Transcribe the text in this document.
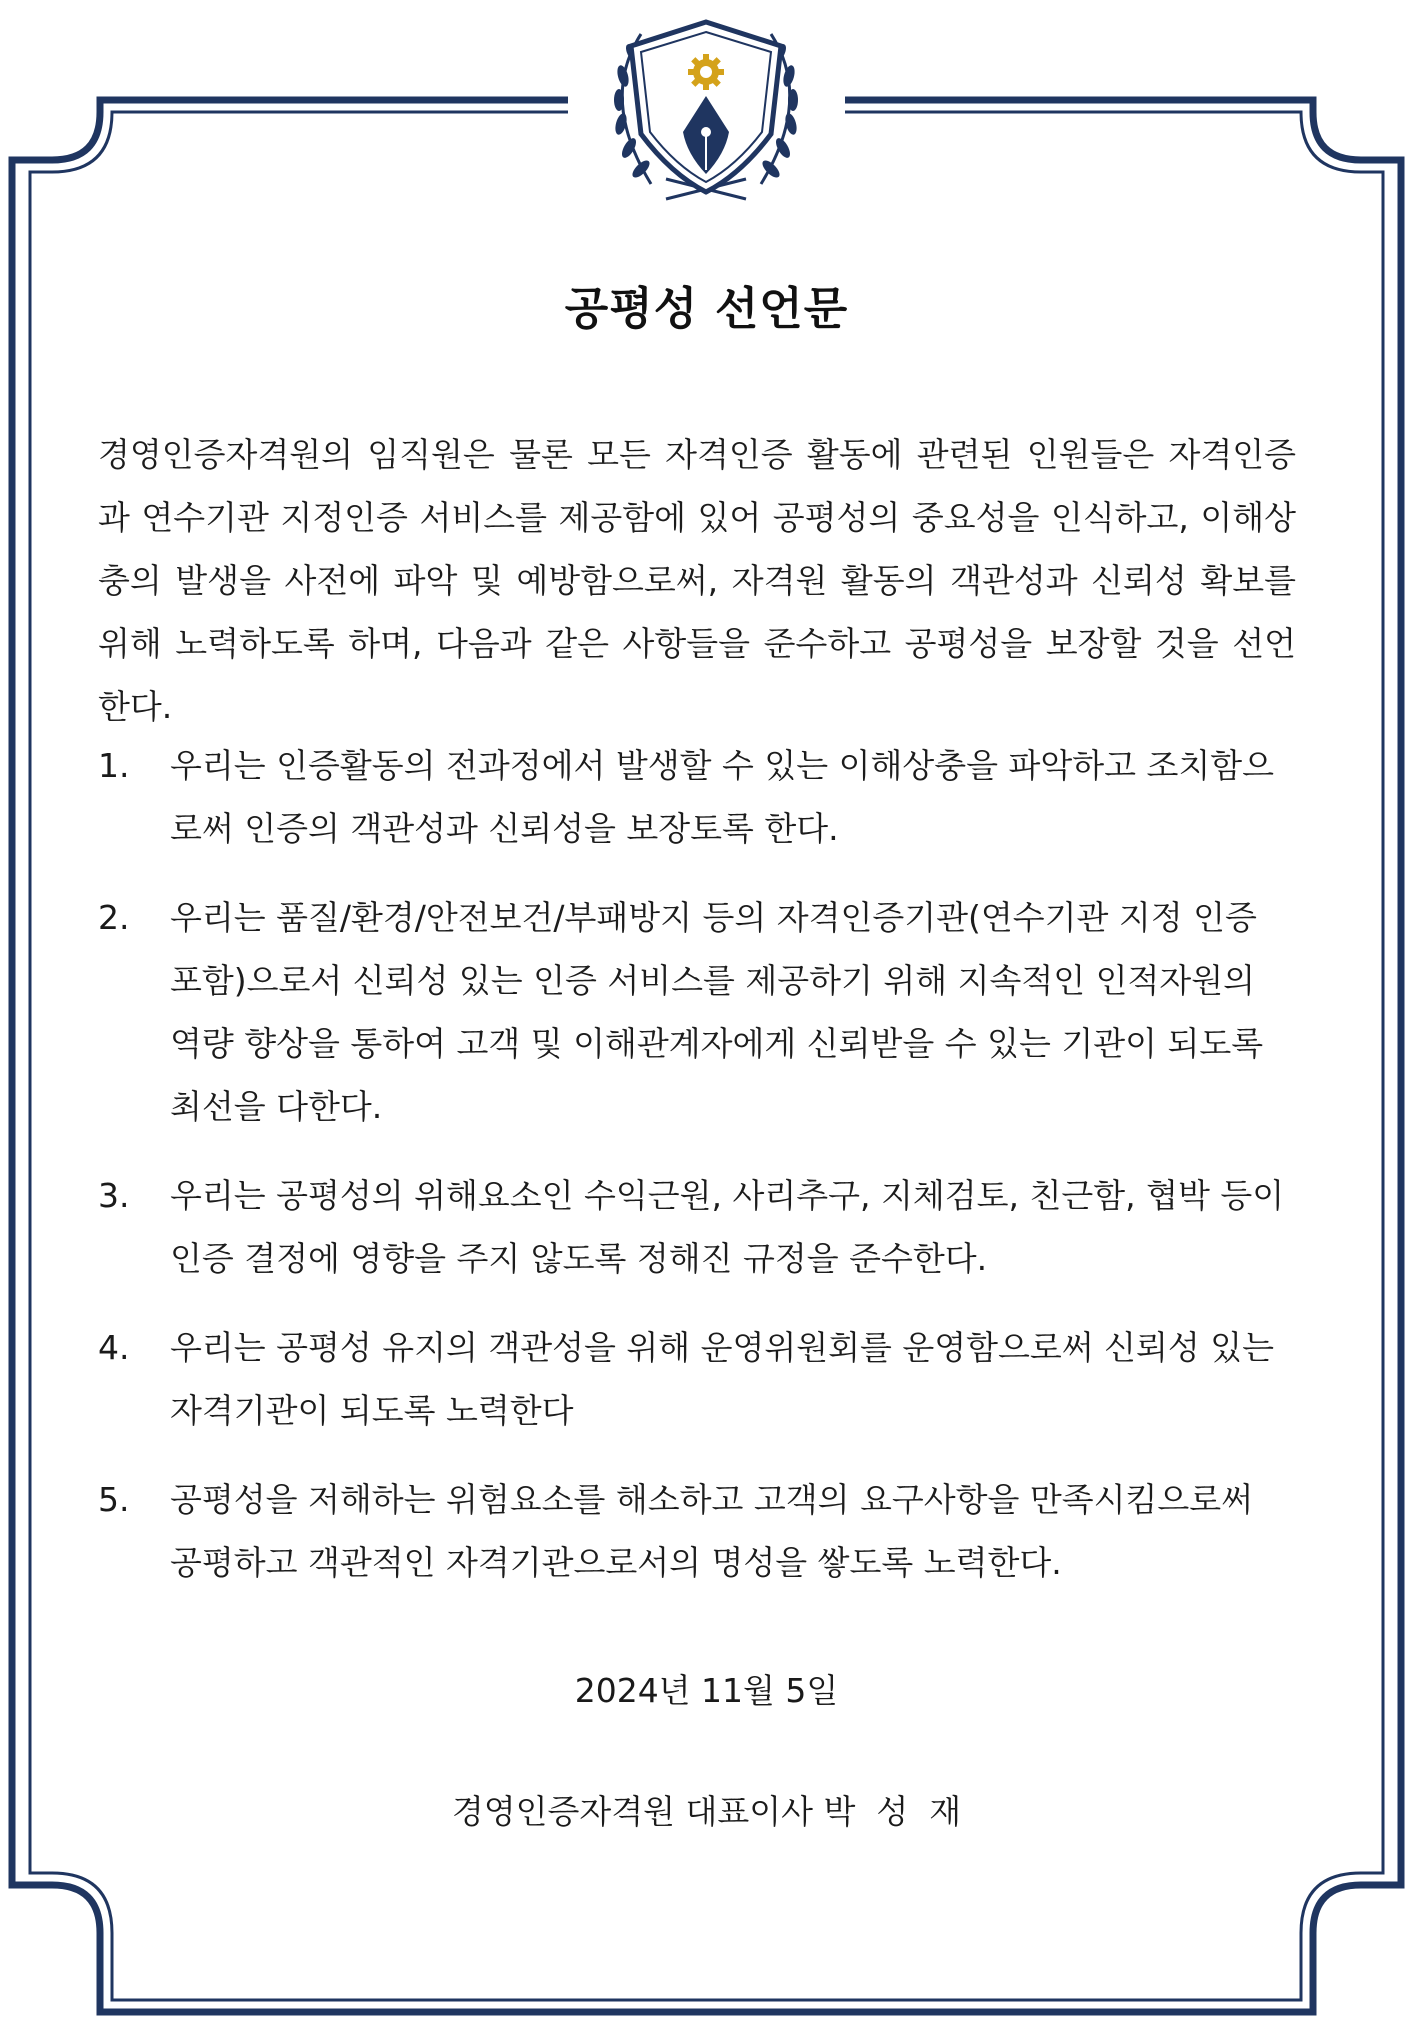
공평성 선언문
경영인증자격원의 임직원은 물론 모든 자격인증 활동에 관련된 인원들은 자격인증과 연수기관 지정인증 서비스를 제공함에 있어 공평성의 중요성을 인식하고, 이해상충의 발생을 사전에 파악 및 예방함으로써, 자격원 활동의 객관성과 신뢰성 확보를 위해 노력하도록 하며, 다음과 같은 사항들을 준수하고 공평성을 보장할 것을 선언한다.
1.	우리는 인증활동의 전과정에서 발생할 수 있는 이해상충을 파악하고 조치함으로써 인증의 객관성과 신뢰성을 보장토록 한다.
2.	우리는 품질/환경/안전보건/부패방지 등의 자격인증기관(연수기관 지정 인증 포함)으로서 신뢰성 있는 인증 서비스를 제공하기 위해 지속적인 인적자원의 역량 향상을 통하여 고객 및 이해관계자에게 신뢰받을 수 있는 기관이 되도록 최선을 다한다.
3.	우리는 공평성의 위해요소인 수익근원, 사리추구, 지체검토, 친근함, 협박 등이 인증 결정에 영향을 주지 않도록 정해진 규정을 준수한다.
4.	우리는 공평성 유지의 객관성을 위해 운영위원회를 운영함으로써 신뢰성 있는 자격기관이 되도록 노력한다
5.	공평성을 저해하는 위험요소를 해소하고 고객의 요구사항을 만족시킴으로써 공평하고 객관적인 자격기관으로서의 명성을 쌓도록 노력한다.
2024년 11월 5일
경영인증자격원 대표이사 박  성  재
